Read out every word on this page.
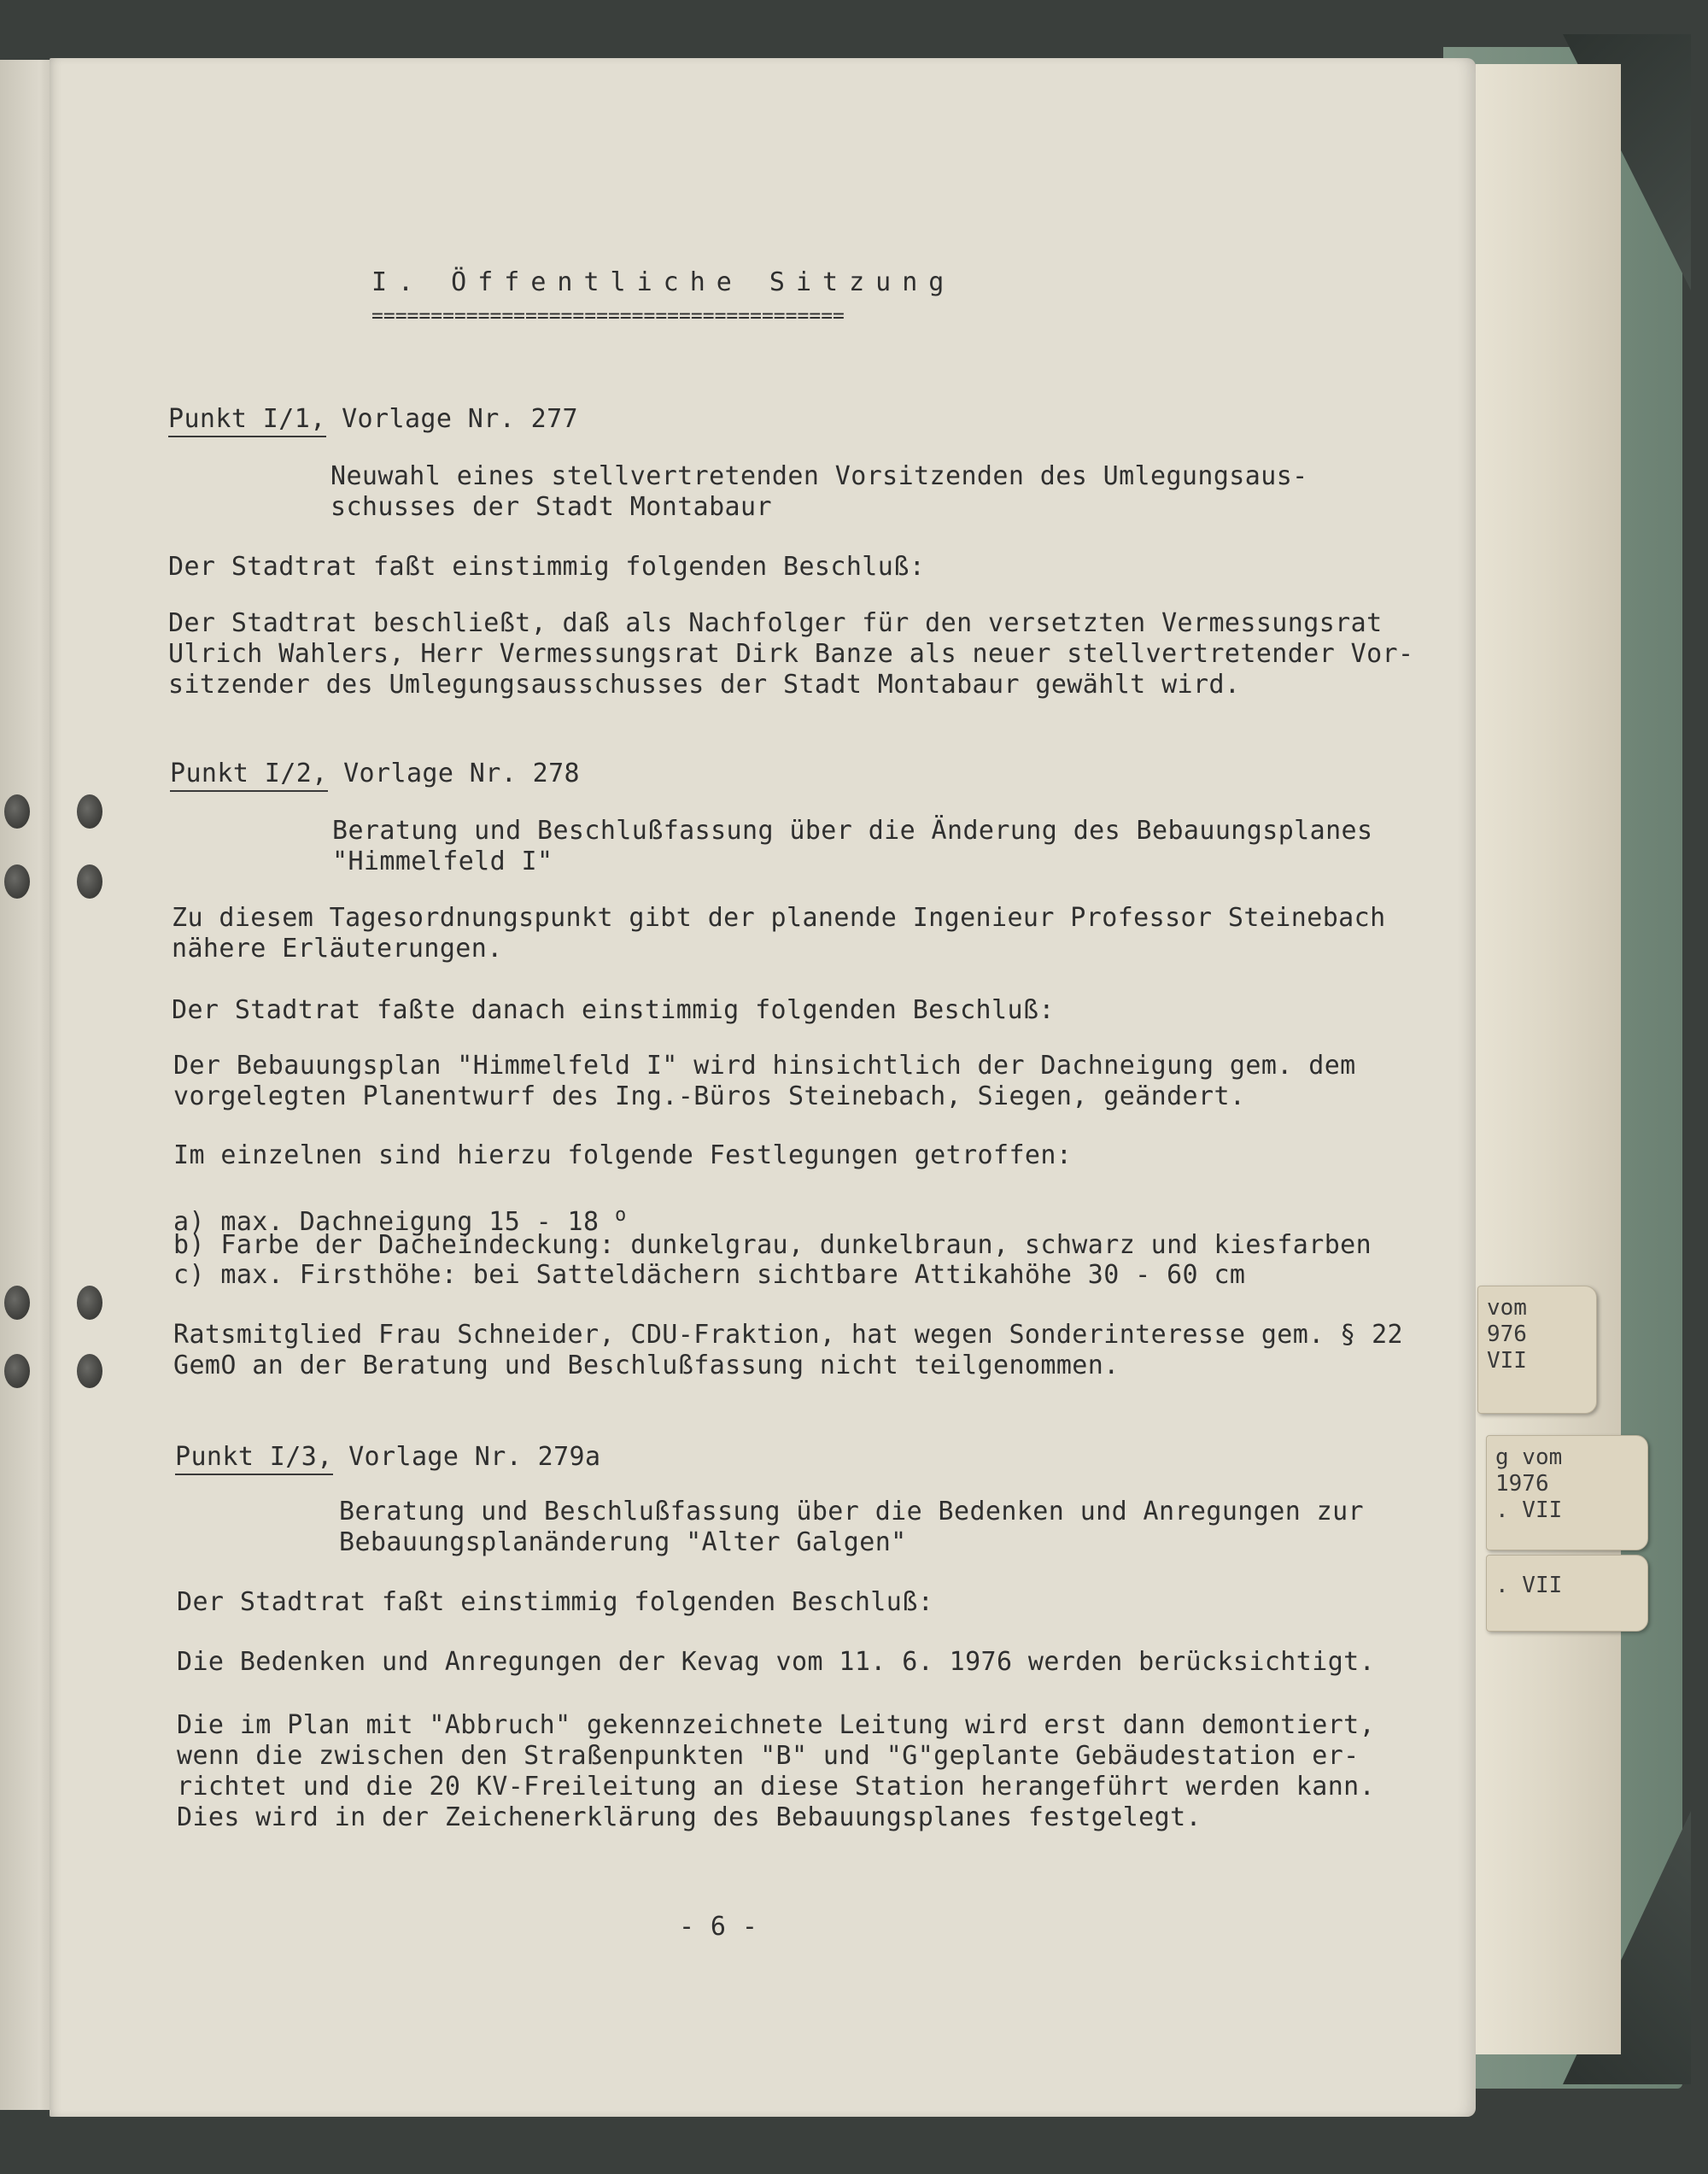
. VII
g vom
1976
. VII
vom
976
VII
I. Öffentliche Sitzung
========================================
Punkt I/1, Vorlage Nr. 277
Neuwahl eines stellvertretenden Vorsitzenden des Umlegungsaus-
schusses der Stadt Montabaur
Der Stadtrat faßt einstimmig folgenden Beschluß:
Der Stadtrat beschließt, daß als Nachfolger für den versetzten Vermessungsrat
Ulrich Wahlers, Herr Vermessungsrat Dirk Banze als neuer stellvertretender Vor-
sitzender des Umlegungsausschusses der Stadt Montabaur gewählt wird.
Punkt I/2, Vorlage Nr. 278
Beratung und Beschlußfassung über die Änderung des Bebauungsplanes
"Himmelfeld I"
Zu diesem Tagesordnungspunkt gibt der planende Ingenieur Professor Steinebach
nähere Erläuterungen.
Der Stadtrat faßte danach einstimmig folgenden Beschluß:
Der Bebauungsplan "Himmelfeld I" wird hinsichtlich der Dachneigung gem. dem
vorgelegten Planentwurf des Ing.-Büros Steinebach, Siegen, geändert.
Im einzelnen sind hierzu folgende Festlegungen getroffen:
a) max. Dachneigung 15 - 18 $^o$
b) Farbe der Dacheindeckung: dunkelgrau, dunkelbraun, schwarz und kiesfarben
c) max. Firsthöhe: bei Satteldächern sichtbare Attikahöhe 30 - 60 cm
Ratsmitglied Frau Schneider, CDU-Fraktion, hat wegen Sonderinteresse gem. § 22
GemO an der Beratung und Beschlußfassung nicht teilgenommen.
Punkt I/3, Vorlage Nr. 279a
Beratung und Beschlußfassung über die Bedenken und Anregungen zur
Bebauungsplanänderung "Alter Galgen"
Der Stadtrat faßt einstimmig folgenden Beschluß:
Die Bedenken und Anregungen der Kevag vom 11. 6. 1976 werden berücksichtigt.
Die im Plan mit "Abbruch" gekennzeichnete Leitung wird erst dann demontiert,
wenn die zwischen den Straßenpunkten "B" und "G"geplante Gebäudestation er-
richtet und die 20 KV-Freileitung an diese Station herangeführt werden kann.
Dies wird in der Zeichenerklärung des Bebauungsplanes festgelegt.
- 6 -
